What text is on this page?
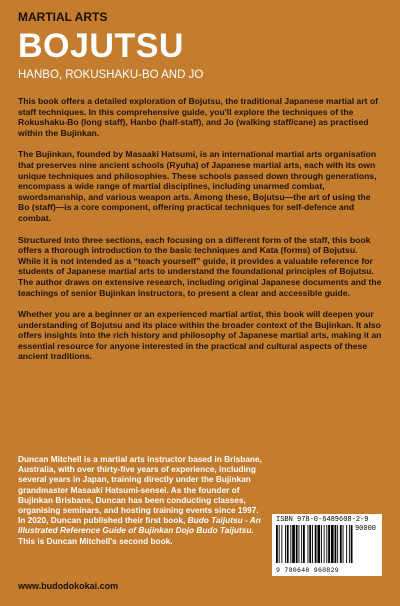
MARTIAL ARTS

BOJUTSU

HANBO, ROKUSHAKU-BO AND JO

This book offers a detailed exploration of Bojutsu, the traditional Japanese martial art of staff techniques. In this comprehensive guide, you'll explore the techniques of the Rokushaku-Bo (long staff), Hanbo (half-staff), and Jo (walking staff/cane) as practised within the Bujinkan.

The Bujinkan, founded by Masaaki Hatsumi, is an international martial arts organisation that preserves nine ancient schools (Ryuha) of Japanese martial arts, each with its own unique techniques and philosophies. These schools passed down through generations, encompass a wide range of martial disciplines, including unarmed combat, swordsmanship, and various weapon arts. Among these, Bojutsu—the art of using the Bo (staff)—is a core component, offering practical techniques for self-defence and combat.

Structured into three sections, each focusing on a different form of the staff, this book offers a thorough introduction to the basic techniques and Kata (forms) of Bojutsu. While it is not intended as a “teach yourself” guide, it provides a valuable reference for students of Japanese martial arts to understand the foundational principles of Bojutsu. The author draws on extensive research, including original Japanese documents and the teachings of senior Bujinkan instructors, to present a clear and accessible guide.

Whether you are a beginner or an experienced martial artist, this book will deepen your understanding of Bojutsu and its place within the broader context of the Bujinkan. It also offers insights into the rich history and philosophy of Japanese martial arts, making it an essential resource for anyone interested in the practical and cultural aspects of these ancient traditions.

Duncan Mitchell is a martial arts instructor based in Brisbane, Australia, with over thirty-five years of experience, including several years in Japan, training directly under the Bujinkan grandmaster Masaaki Hatsumi-sensei. As the founder of Bujinkan Brisbane, Duncan has been conducting classes, organising seminars, and hosting training events since 1997.

In 2020, Duncan published their first book, Budo Taijutsu - An Illustrated Reference Guide of Bujinkan Dojo Budo Taijutsu.

This is Duncan Mitchell's second book.

www.budodokokai.com
ISBN 978-0-6489608-2-9
90000
9 780648 960829
